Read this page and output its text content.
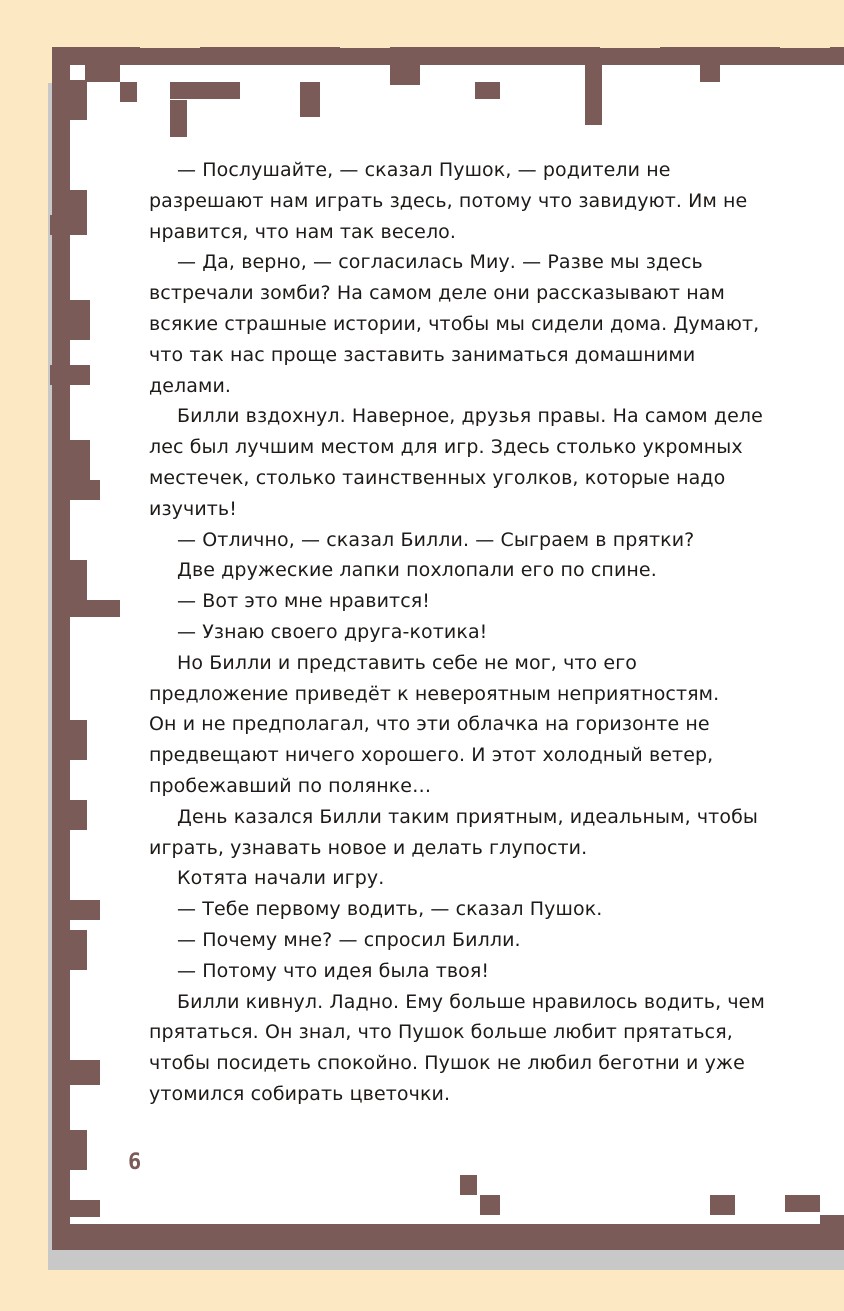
— Послушайте, — сказал Пушок, — родители не

разрешают нам играть здесь, потому что завидуют. Им не

нравится, что нам так весело.

— Да, верно, — согласилась Миу. — Разве мы здесь

встречали зомби? На самом деле они рассказывают нам

всякие страшные истории, чтобы мы сидели дома. Думают,

что так нас проще заставить заниматься домашними

делами.

Билли вздохнул. Наверное, друзья правы. На самом деле

лес был лучшим местом для игр. Здесь столько укромных

местечек, столько таинственных уголков, которые надо

изучить!

— Отлично, — сказал Билли. — Сыграем в прятки?

Две дружеские лапки похлопали его по спине.

— Вот это мне нравится!

— Узнаю своего друга-котика!

Но Билли и представить себе не мог, что его

предложение приведёт к невероятным неприятностям.

Он и не предполагал, что эти облачка на горизонте не

предвещают ничего хорошего. И этот холодный ветер,

пробежавший по полянке…

День казался Билли таким приятным, идеальным, чтобы

играть, узнавать новое и делать глупости.

Котята начали игру.

— Тебе первому водить, — сказал Пушок.

— Почему мне? — спросил Билли.

— Потому что идея была твоя!

Билли кивнул. Ладно. Ему больше нравилось водить, чем

прятаться. Он знал, что Пушок больше любит прятаться,

чтобы посидеть спокойно. Пушок не любил беготни и уже

утомился собирать цветочки.

6
